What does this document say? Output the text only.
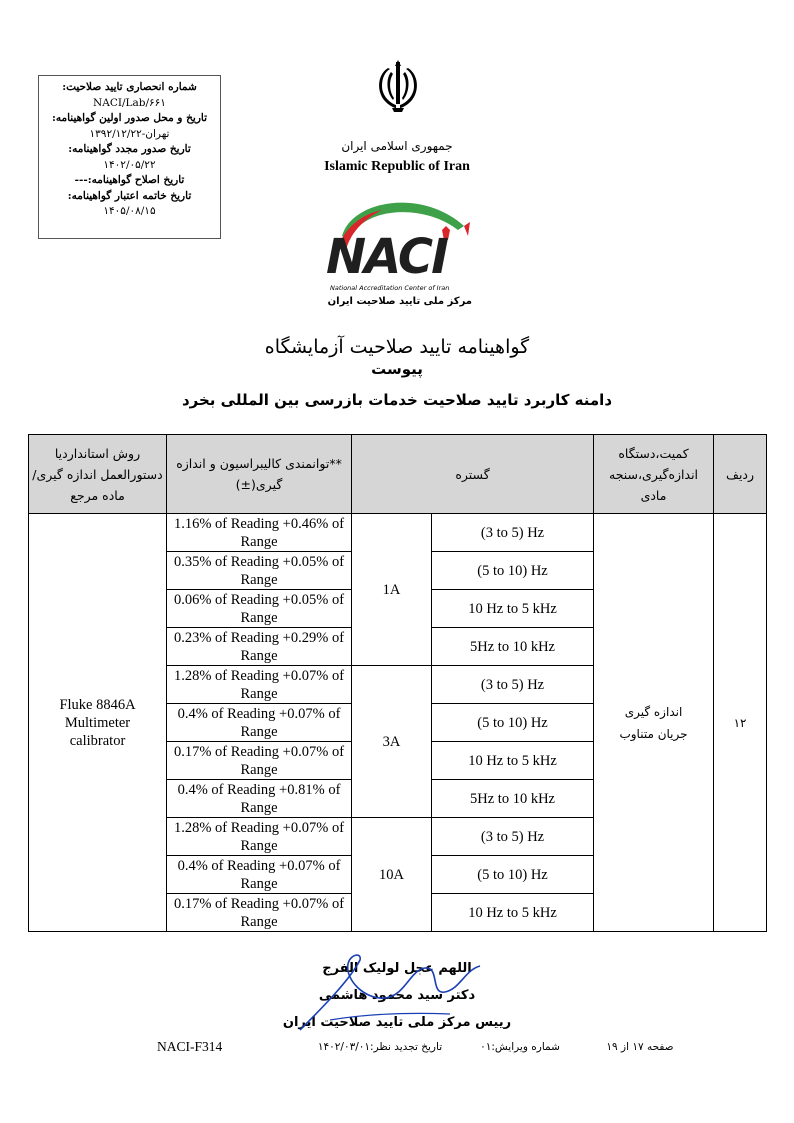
شماره انحصاری تایید صلاحیت:
NACI/Lab/۶۶۱
تاریخ و محل صدور اولین گواهینامه:
تهران-۱۳۹۲/۱۲/۲۲
تاریخ صدور مجدد گواهینامه:
۱۴۰۲/۰۵/۲۲
تاریخ اصلاح گواهینامه:---
تاریخ خاتمه اعتبار گواهینامه:
۱۴۰۵/۰۸/۱۵
جمهوری اسلامی ایران
Islamic Republic of Iran
NACI
National Accreditation Center of Iran
مرکز ملی تایید صلاحیت ایران
گواهینامه تایید صلاحیت آزمایشگاه
پیوست
دامنه کاربرد تایید صلاحیت خدمات بازرسی بین المللی بخرد
روش استانداردیا دستورالعمل اندازه گیری/ماده مرجع	**توانمندی کالیبراسیون و اندازه گیری(±)	گستره		کمیت،دستگاه اندازه‌گیری،سنجه مادی	ردیف
Fluke 8846A Multimeter calibrator	1.16% of Reading +0.46% of Range	1A	(3 to 5) Hz	اندازه گیری جریان متناوب	۱۲
	0.35% of Reading +0.05% of Range		(5 to 10) Hz		
	0.06% of Reading +0.05% of Range		10 Hz to 5 kHz		
	0.23% of Reading +0.29% of Range		5Hz to 10 kHz		
	1.28% of Reading +0.07% of Range	3A	(3 to 5) Hz		
	0.4% of Reading +0.07% of Range		(5 to 10) Hz		
	0.17% of Reading +0.07% of Range		10 Hz to 5 kHz		
	0.4% of Reading +0.81% of Range		5Hz to 10 kHz		
	1.28% of Reading +0.07% of Range	10A	(3 to 5) Hz		
	0.4% of Reading +0.07% of Range		(5 to 10) Hz		
	0.17% of Reading +0.07% of Range		10 Hz to 5 kHz		
اللهم عجل لولیک الفرج
دکتر سید محمود هاشمی
رییس مرکز ملی تایید صلاحیت ایران
NACI-F314	تاریخ تجدید نظر:۱۴۰۲/۰۳/۰۱	شماره ویرایش:۰۱	صفحه ۱۷ از ۱۹
